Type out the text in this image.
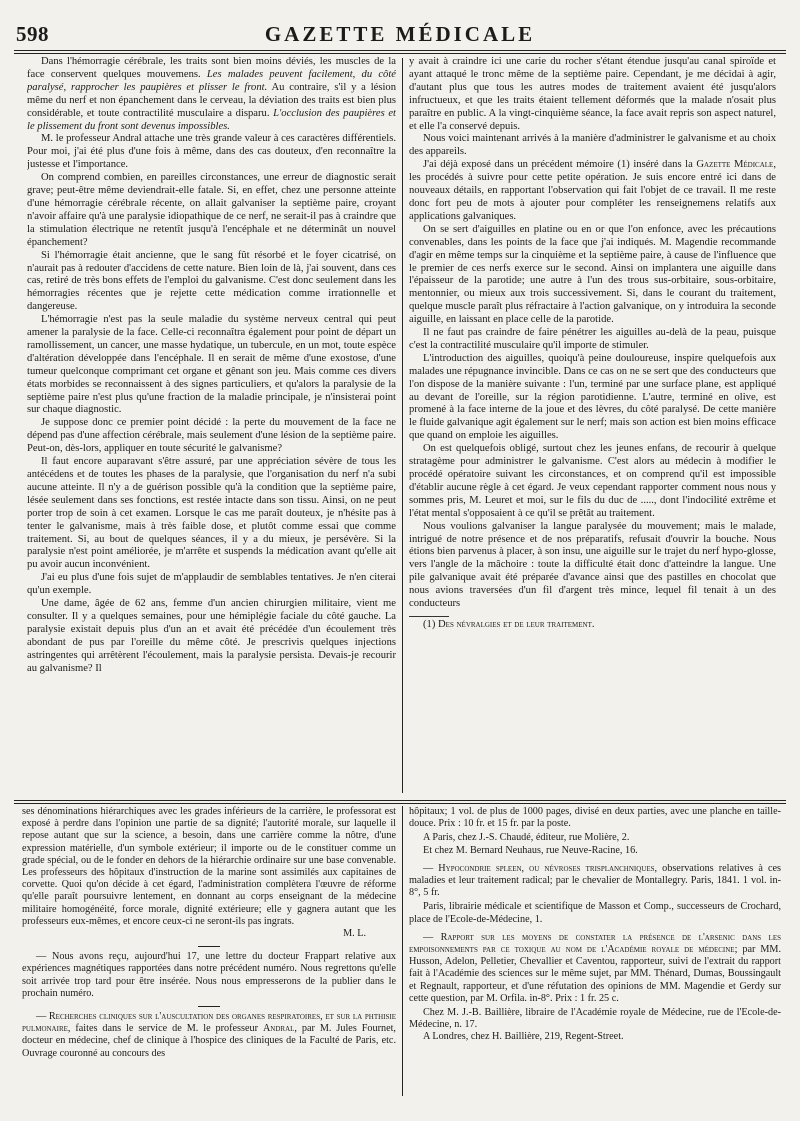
598	GAZETTE MÉDICALE

Dans l'hémorragie cérébrale, les traits sont bien moins déviés, les muscles de la face conservent quelques mouvemens. Les malades peuvent facilement, du côté paralysé, rapprocher les paupières et plisser le front. Au contraire, s'il y a lésion même du nerf et non épanchement dans le cerveau, la déviation des traits est bien plus considérable, et toute contractilité musculaire a disparu. L'occlusion des paupières et le plissement du front sont devenus impossibles.

M. le professeur Andral attache une très grande valeur à ces caractères différentiels. Pour moi, j'ai été plus d'une fois à même, dans des cas douteux, d'en reconnaître la justesse et l'importance.

On comprend combien, en pareilles circonstances, une erreur de diagnostic serait grave; peut-être même deviendrait-elle fatale. Si, en effet, chez une personne atteinte d'une hémorragie cérébrale récente, on allait galvaniser la septième paire, croyant n'avoir affaire qu'à une paralysie idiopathique de ce nerf, ne serait-il pas à craindre que la stimulation électrique ne retentît jusqu'à l'encéphale et ne déterminât un nouvel épanchement?

Si l'hémorragie était ancienne, que le sang fût résorbé et le foyer cicatrisé, on n'aurait pas à redouter d'accidens de cette nature. Bien loin de là, j'ai souvent, dans ces cas, retiré de très bons effets de l'emploi du galvanisme. C'est donc seulement dans les hémorragies récentes que je rejette cette médication comme irrationnelle et dangereuse.

L'hémorragie n'est pas la seule maladie du système nerveux central qui peut amener la paralysie de la face. Celle-ci reconnaîtra également pour point de départ un ramollissement, un cancer, une masse hydatique, un tubercule, en un mot, toute espèce d'altération développée dans l'encéphale. Il en serait de même d'une exostose, d'une tumeur quelconque comprimant cet organe et gênant son jeu. Mais comme ces divers états morbides se reconnaissent à des signes particuliers, et qu'alors la paralysie de la septième paire n'est plus qu'une fraction de la maladie principale, je n'insisterai point sur chaque diagnostic.

Je suppose donc ce premier point décidé : la perte du mouvement de la face ne dépend pas d'une affection cérébrale, mais seulement d'une lésion de la septième paire. Peut-on, dès-lors, appliquer en toute sécurité le galvanisme?

Il faut encore auparavant s'être assuré, par une appréciation sévère de tous les antécédens et de toutes les phases de la paralysie, que l'organisation du nerf n'a subi aucune atteinte. Il n'y a de guérison possible qu'à la condition que la septième paire, lésée seulement dans ses fonctions, est restée intacte dans son tissu. Ainsi, on ne peut porter trop de soin à cet examen. Lorsque le cas me paraît douteux, je n'hésite pas à tenter le galvanisme, mais à très faible dose, et plutôt comme essai que comme traitement. Si, au bout de quelques séances, il y a du mieux, je persévère. Si la paralysie n'est point améliorée, je m'arrête et suspends la médication avant qu'elle ait pu avoir aucun inconvénient.

J'ai eu plus d'une fois sujet de m'applaudir de semblables tentatives. Je n'en citerai qu'un exemple.

Une dame, âgée de 62 ans, femme d'un ancien chirurgien militaire, vient me consulter. Il y a quelques semaines, pour une hémiplégie faciale du côté gauche. La paralysie existait depuis plus d'un an et avait été précédée d'un écoulement très abondant de pus par l'oreille du même côté. Je prescrivis quelques injections astringentes qui arrêtèrent l'écoulement, mais la paralysie persista. Devais-je recourir au galvanisme? Il

y avait à craindre ici une carie du rocher s'étant étendue jusqu'au canal spiroïde et ayant attaqué le tronc même de la septième paire. Cependant, je me décidai à agir, d'autant plus que tous les autres modes de traitement avaient été jusqu'alors infructueux, et que les traits étaient tellement déformés que la malade n'osait plus paraître en public. A la vingt-cinquième séance, la face avait repris son aspect naturel, et elle l'a conservé depuis.

Nous voici maintenant arrivés à la manière d'administrer le galvanisme et au choix des appareils.

J'ai déjà exposé dans un précédent mémoire (1) inséré dans la Gazette Médicale, les procédés à suivre pour cette petite opération. Je suis encore entré ici dans de nouveaux détails, en rapportant l'observation qui fait l'objet de ce travail. Il me reste donc fort peu de mots à ajouter pour compléter les renseignemens relatifs aux applications galvaniques.

On se sert d'aiguilles en platine ou en or que l'on enfonce, avec les précautions convenables, dans les points de la face que j'ai indiqués. M. Magendie recommande d'agir en même temps sur la cinquième et la septième paire, à cause de l'influence que le premier de ces nerfs exerce sur le second. Ainsi on implantera une aiguille dans l'épaisseur de la parotide; une autre à l'un des trous sus-orbitaire, sous-orbitaire, mentonnier, ou mieux aux trois successivement. Si, dans le courant du traitement, quelque muscle paraît plus réfractaire à l'action galvanique, on y introduira la seconde aiguille, en laissant en place celle de la parotide.

Il ne faut pas craindre de faire pénétrer les aiguilles au-delà de la peau, puisque c'est la contractilité musculaire qu'il importe de stimuler.

L'introduction des aiguilles, quoiqu'à peine douloureuse, inspire quelquefois aux malades une répugnance invincible. Dans ce cas on ne se sert que des conducteurs que l'on dispose de la manière suivante : l'un, terminé par une surface plane, est appliqué au devant de l'oreille, sur la région parotidienne. L'autre, terminé en olive, est promené à la face interne de la joue et des lèvres, du côté paralysé. De cette manière le fluide galvanique agit également sur le nerf; mais son action est bien moins efficace que quand on emploie les aiguilles.

On est quelquefois obligé, surtout chez les jeunes enfans, de recourir à quelque stratagème pour administrer le galvanisme. C'est alors au médecin à modifier le procédé opératoire suivant les circonstances, et on comprend qu'il est impossible d'établir aucune règle à cet égard. Je veux cependant rapporter comment nous nous y sommes pris, M. Leuret et moi, sur le fils du duc de ....., dont l'indocilité extrême et l'état mental s'opposaient à ce qu'il se prêtât au traitement.

Nous voulions galvaniser la langue paralysée du mouvement; mais le malade, intrigué de notre présence et de nos préparatifs, refusait d'ouvrir la bouche. Nous étions bien parvenus à placer, à son insu, une aiguille sur le trajet du nerf hypo-glosse, vers l'angle de la mâchoire : toute la difficulté était donc d'atteindre la langue. Une pile galvanique avait été préparée d'avance ainsi que des pastilles en chocolat que nous avions traversées d'un fil d'argent très mince, lequel fil tenait à un des conducteurs

(1) Des névralgies et de leur traitement.

ses dénominations hiérarchiques avec les grades inférieurs de la carrière, le professorat est exposé à perdre dans l'opinion une partie de sa dignité; l'autorité morale, sur laquelle il repose autant que sur la science, a besoin, dans une carrière comme la nôtre, d'une expression matérielle, d'un symbole extérieur; il importe ou de le constituer comme un grade spécial, ou de le fonder en dehors de la hiérarchie ordinaire sur une base convenable. Les professeurs des hôpitaux d'instruction de la marine sont assimilés aux capitaines de corvette. Quoi qu'on décide à cet égard, l'administration complètera l'œuvre de réforme qu'elle paraît poursuivre lentement, en donnant au corps enseignant de la médecine militaire homogénéité, force morale, dignité extérieure; elle y gagnera autant que les professeurs eux-mêmes, et encore ceux-ci ne seront-ils pas ingrats.

M. L.

— Nous avons reçu, aujourd'hui 17, une lettre du docteur Frappart relative aux expériences magnétiques rapportées dans notre précédent numéro. Nous regrettons qu'elle soit arrivée trop tard pour être insérée. Nous nous empresserons de la publier dans le prochain numéro.

— Recherches cliniques sur l'auscultation des organes respiratoires, et sur la phthisie pulmonaire, faites dans le service de M. le professeur Andral, par M. Jules Fournet, docteur en médecine, chef de clinique à l'hospice des cliniques de la Faculté de Paris, etc. Ouvrage couronné au concours des

hôpitaux; 1 vol. de plus de 1000 pages, divisé en deux parties, avec une planche en taille-douce. Prix : 10 fr. et 15 fr. par la poste.

A Paris, chez J.-S. Chaudé, éditeur, rue Molière, 2.

Et chez M. Bernard Neuhaus, rue Neuve-Racine, 16.

— Hypocondrie spleen, ou névroses trisplanchniques, observations relatives à ces maladies et leur traitement radical; par le chevalier de Montallegry. Paris, 1841. 1 vol. in-8°, 5 fr.

Paris, librairie médicale et scientifique de Masson et Comp., successeurs de Crochard, place de l'Ecole-de-Médecine, 1.

— Rapport sur les moyens de constater la présence de l'arsenic dans les empoisonnements par ce toxique au nom de l'Académie royale de médecine; par MM. Husson, Adelon, Pelletier, Chevallier et Caventou, rapporteur, suivi de l'extrait du rapport fait à l'Académie des sciences sur le même sujet, par MM. Thénard, Dumas, Boussingault et Regnault, rapporteur, et d'une réfutation des opinions de MM. Magendie et Gerdy sur cette question, par M. Orfila. in-8°. Prix : 1 fr. 25 c.

Chez M. J.-B. Baillière, libraire de l'Académie royale de Médecine, rue de l'Ecole-de-Médecine, n. 17.

A Londres, chez H. Baillière, 219, Regent-Street.
